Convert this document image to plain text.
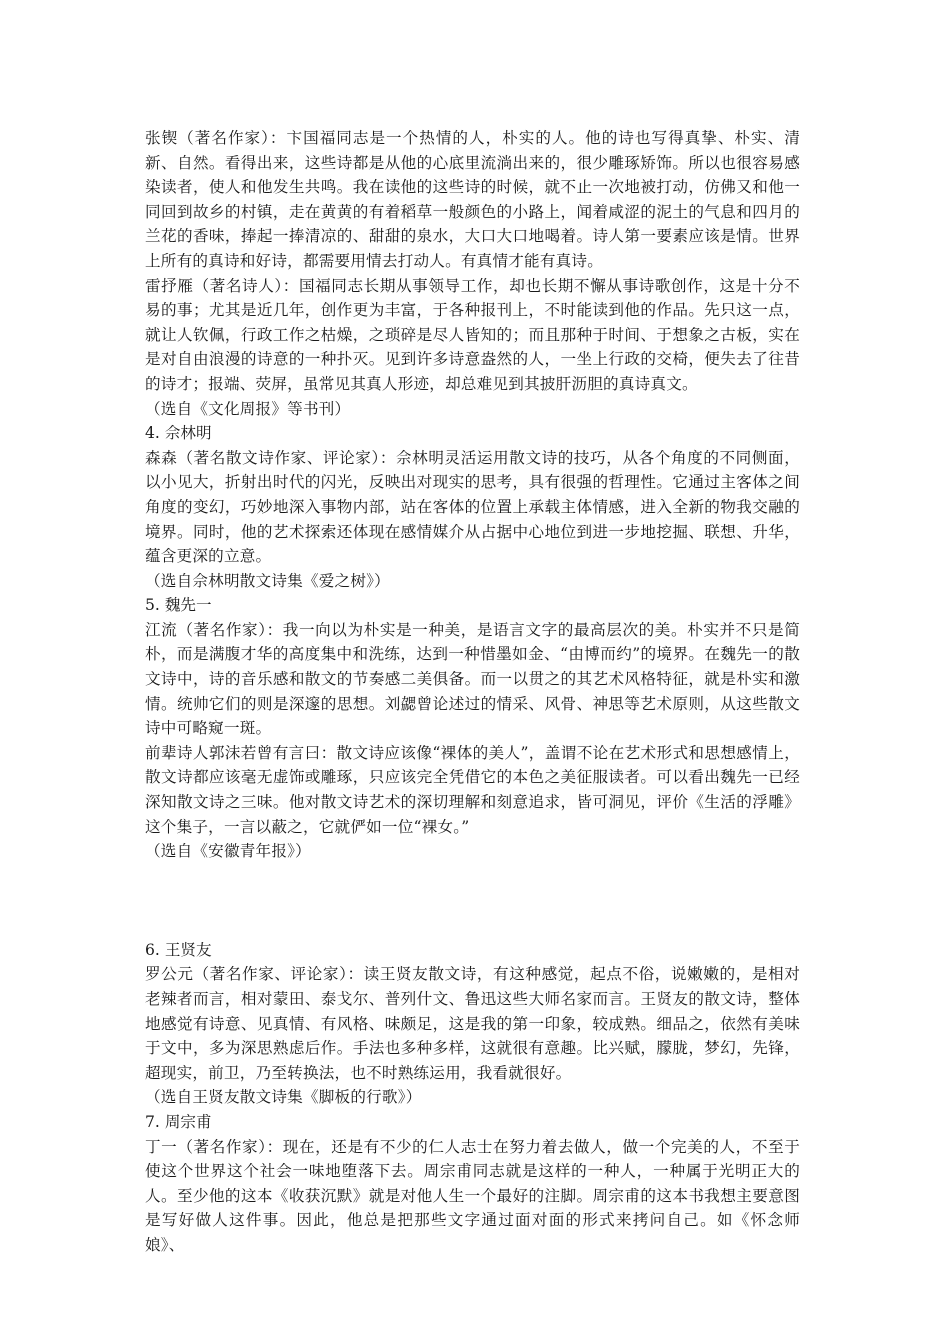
张锲（著名作家）：卞国福同志是一个热情的人，朴实的人。他的诗也写得真挚、朴实、清新、自然。看得出来，这些诗都是从他的心底里流淌出来的，很少雕琢矫饰。所以也很容易感染读者，使人和他发生共鸣。我在读他的这些诗的时候，就不止一次地被打动，仿佛又和他一同回到故乡的村镇，走在黄黄的有着稻草一般颜色的小路上，闻着咸涩的泥土的气息和四月的兰花的香味，捧起一捧清凉的、甜甜的泉水，大口大口地喝着。诗人第一要素应该是情。世界上所有的真诗和好诗，都需要用情去打动人。有真情才能有真诗。

雷抒雁（著名诗人）：国福同志长期从事领导工作，却也长期不懈从事诗歌创作，这是十分不易的事；尤其是近几年，创作更为丰富，于各种报刊上，不时能读到他的作品。先只这一点，就让人钦佩，行政工作之枯燥，之琐碎是尽人皆知的；而且那种于时间、于想象之古板，实在是对自由浪漫的诗意的一种扑灭。见到许多诗意盎然的人，一坐上行政的交椅，便失去了往昔的诗才；报端、荧屏，虽常见其真人形迹，却总难见到其披肝沥胆的真诗真文。

（选自《文化周报》等书刊）

4. 佘林明

森森（著名散文诗作家、评论家）：佘林明灵活运用散文诗的技巧，从各个角度的不同侧面，以小见大，折射出时代的闪光，反映出对现实的思考，具有很强的哲理性。它通过主客体之间角度的变幻，巧妙地深入事物内部，站在客体的位置上承载主体情感，进入全新的物我交融的境界。同时，他的艺术探索还体现在感情媒介从占据中心地位到进一步地挖掘、联想、升华，蕴含更深的立意。

（选自佘林明散文诗集《爱之树》）

5. 魏先一

江流（著名作家）：我一向以为朴实是一种美，是语言文字的最高层次的美。朴实并不只是简朴，而是满腹才华的高度集中和洗练，达到一种惜墨如金、“由博而约”的境界。在魏先一的散文诗中，诗的音乐感和散文的节奏感二美俱备。而一以贯之的其艺术风格特征，就是朴实和激情。统帅它们的则是深邃的思想。刘勰曾论述过的情采、风骨、神思等艺术原则，从这些散文诗中可略窥一斑。

前辈诗人郭沫若曾有言曰：散文诗应该像“裸体的美人”，盖谓不论在艺术形式和思想感情上，散文诗都应该毫无虚饰或雕琢，只应该完全凭借它的本色之美征服读者。可以看出魏先一已经深知散文诗之三味。他对散文诗艺术的深切理解和刻意追求，皆可洞见，评价《生活的浮雕》这个集子，一言以蔽之，它就俨如一位“裸女。”

（选自《安徽青年报》）

6. 王贤友

罗公元（著名作家、评论家）：读王贤友散文诗，有这种感觉，起点不俗，说嫩嫩的，是相对老辣者而言，相对蒙田、泰戈尔、普列什文、鲁迅这些大师名家而言。王贤友的散文诗，整体地感觉有诗意、见真情、有风格、味颇足，这是我的第一印象，较成熟。细品之，依然有美味于文中，多为深思熟虑后作。手法也多种多样，这就很有意趣。比兴赋，朦胧，梦幻，先锋，超现实，前卫，乃至转换法，也不时熟练运用，我看就很好。

（选自王贤友散文诗集《脚板的行歌》）

7. 周宗甫

丁一（著名作家）：现在，还是有不少的仁人志士在努力着去做人，做一个完美的人，不至于使这个世界这个社会一味地堕落下去。周宗甫同志就是这样的一种人，一种属于光明正大的人。至少他的这本《收获沉默》就是对他人生一个最好的注脚。周宗甫的这本书我想主要意图是写好做人这件事。因此，他总是把那些文字通过面对面的形式来拷问自己。如《怀念师娘》、
